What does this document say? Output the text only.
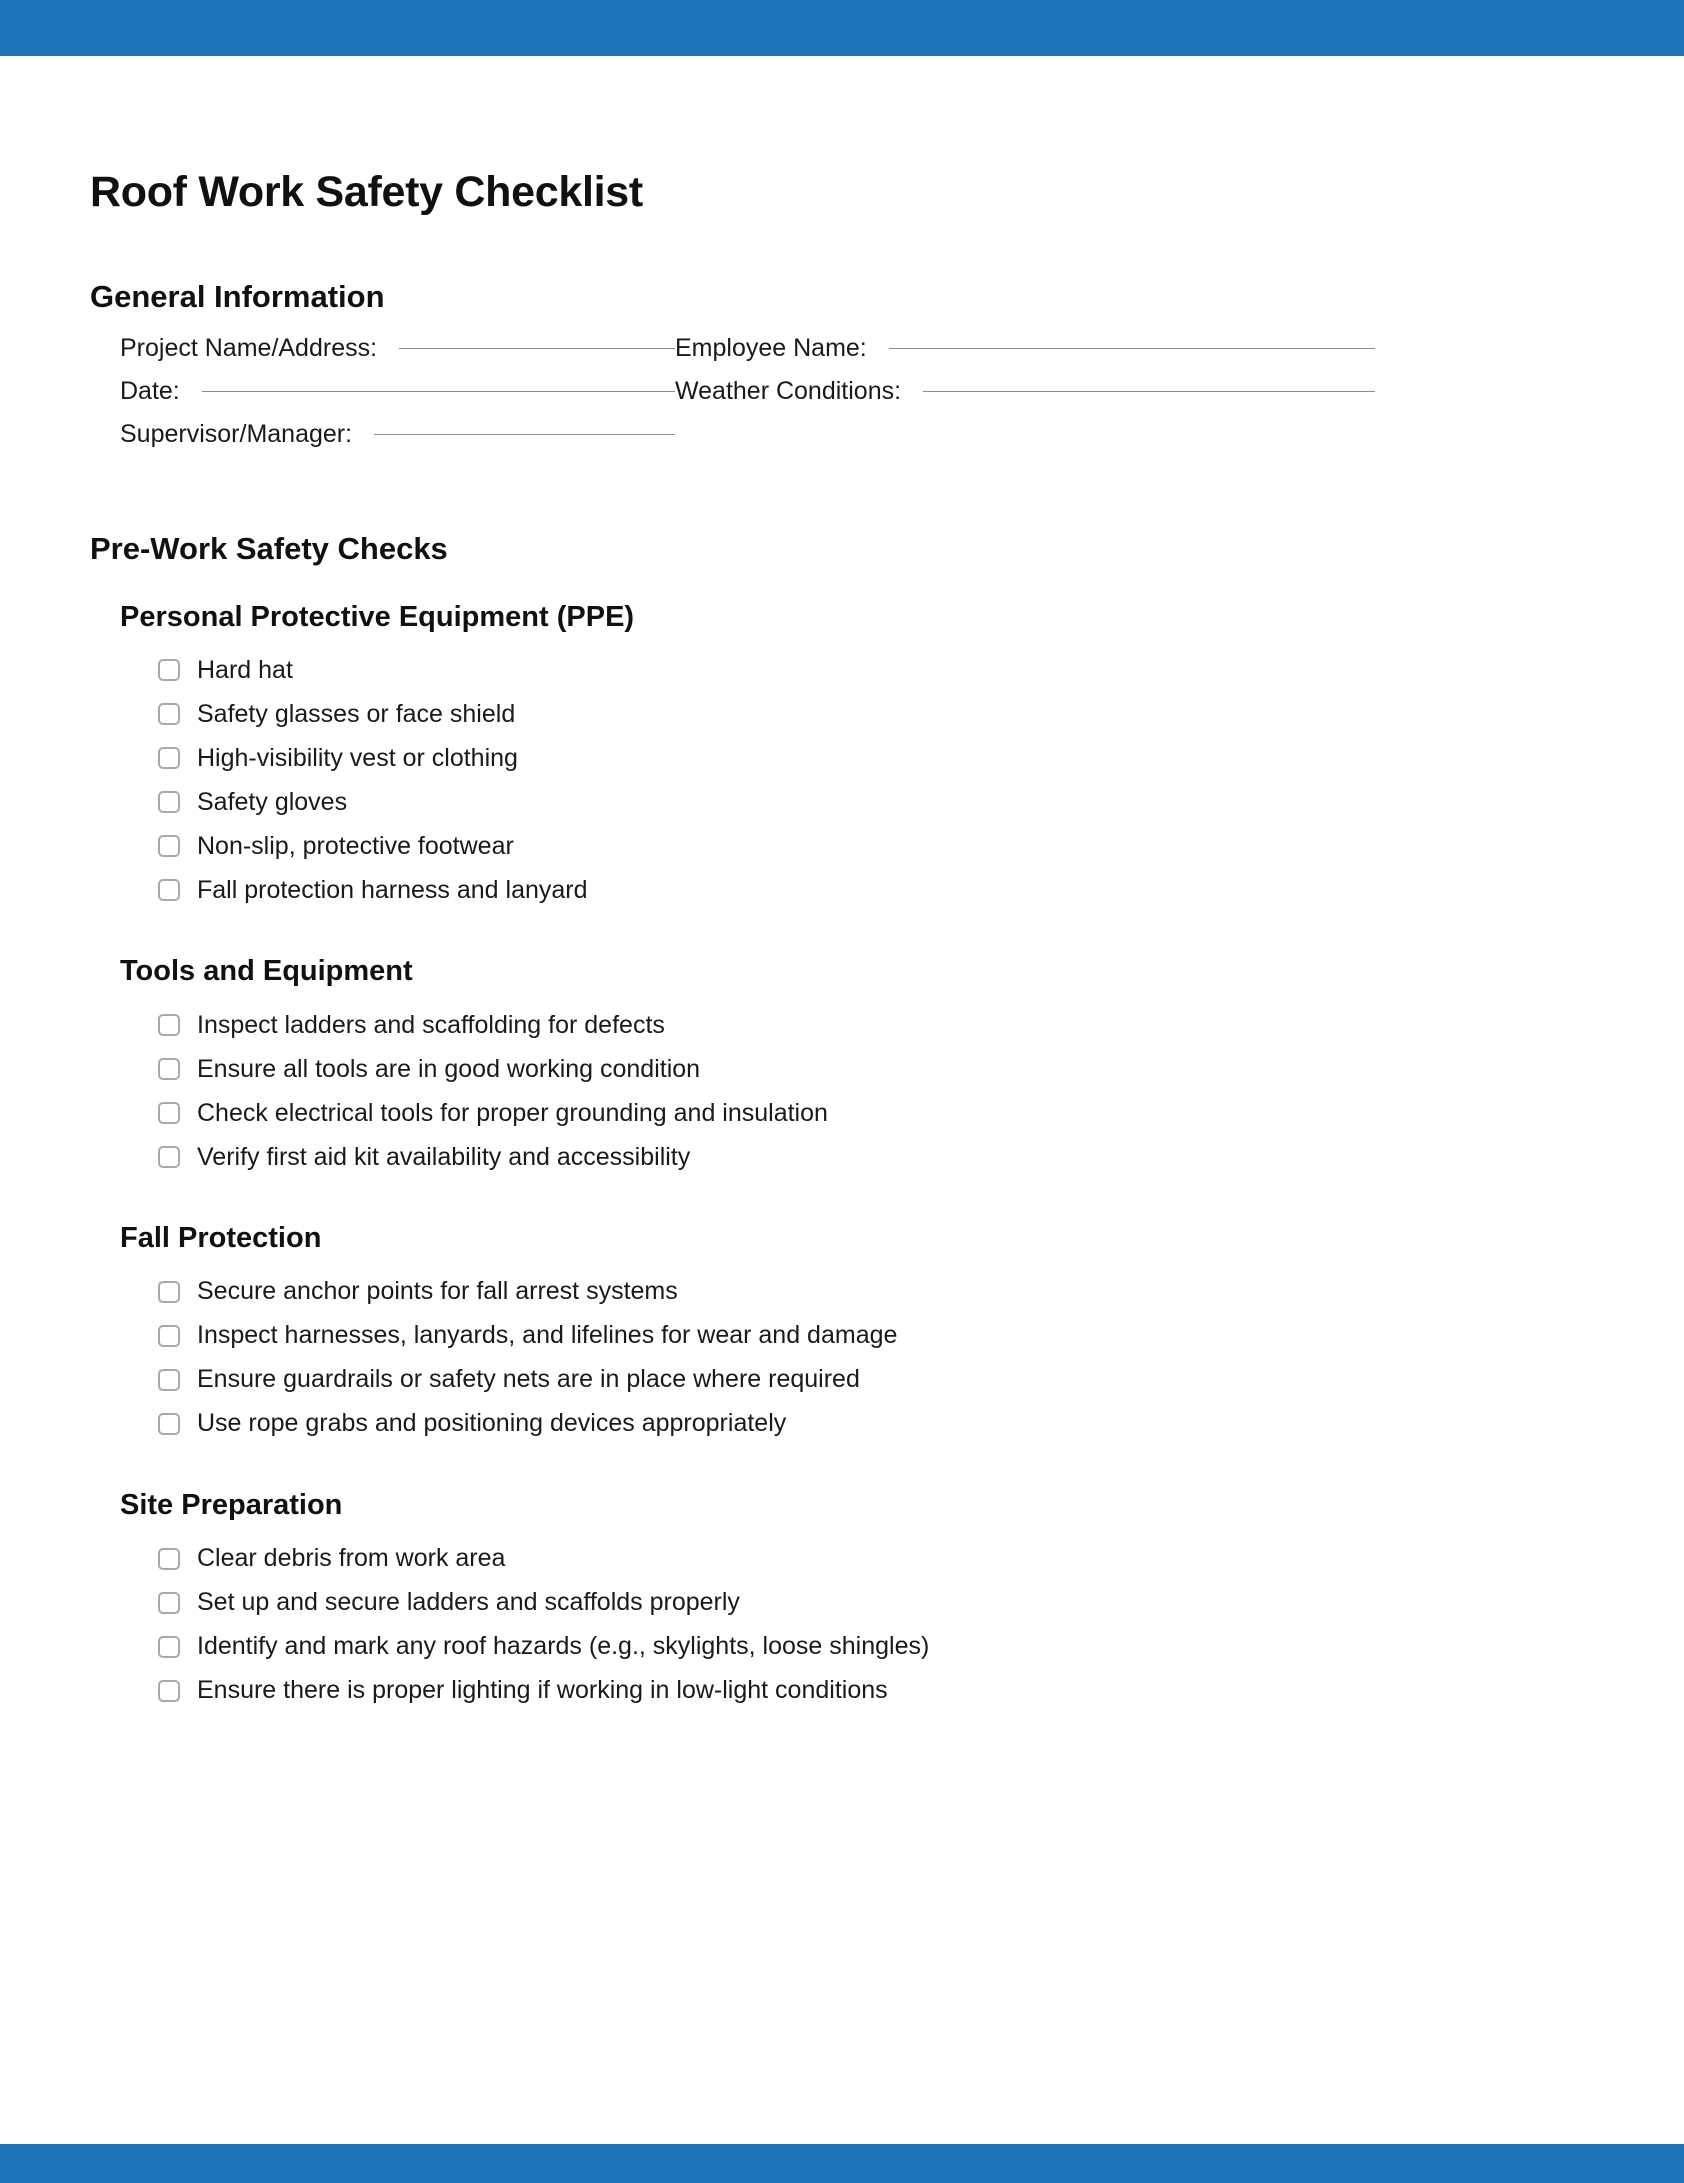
Roof Work Safety Checklist
General Information
Project Name/Address:
Date:
Supervisor/Manager:
Employee Name:
Weather Conditions:
Pre-Work Safety Checks
Personal Protective Equipment (PPE)
Hard hat
Safety glasses or face shield
High-visibility vest or clothing
Safety gloves
Non-slip, protective footwear
Fall protection harness and lanyard
Tools and Equipment
Inspect ladders and scaffolding for defects
Ensure all tools are in good working condition
Check electrical tools for proper grounding and insulation
Verify first aid kit availability and accessibility
Fall Protection
Secure anchor points for fall arrest systems
Inspect harnesses, lanyards, and lifelines for wear and damage
Ensure guardrails or safety nets are in place where required
Use rope grabs and positioning devices appropriately
Site Preparation
Clear debris from work area
Set up and secure ladders and scaffolds properly
Identify and mark any roof hazards (e.g., skylights, loose shingles)
Ensure there is proper lighting if working in low-light conditions
